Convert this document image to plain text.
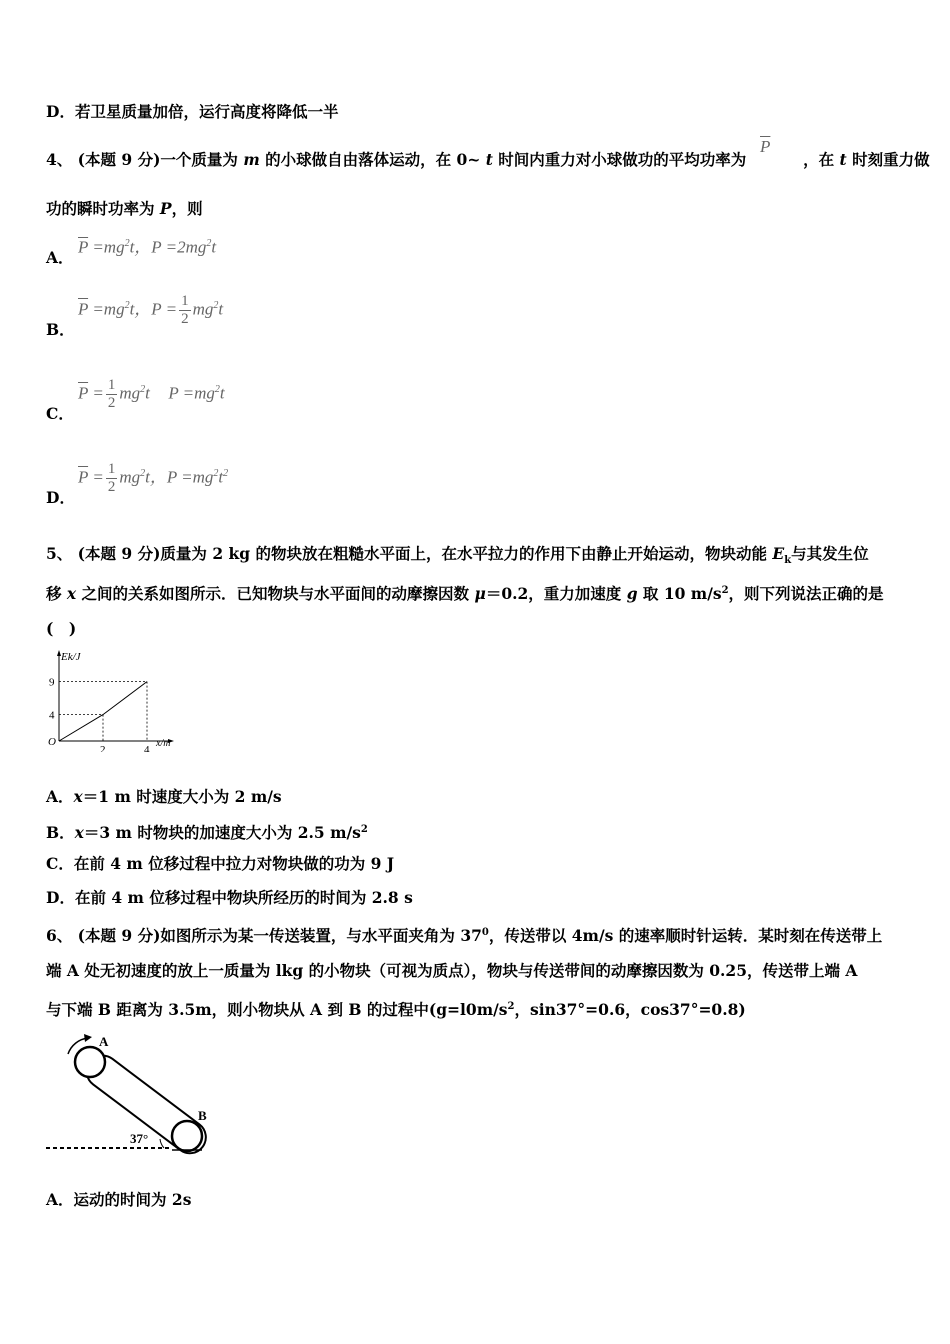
D．若卫星质量加倍，运行高度将降低一半
4、 (本题 9 分)一个质量为 m 的小球做自由落体运动，在 0~ t 时间内重力对小球做功的平均功率为	，在 t 时刻重力做
$\overline{P}$
功的瞬时功率为 P，则
A．
$\overline{P} =mg^2t$，$P =2mg^2t$
B．
$\overline{P} =mg^2t$，$P = \frac{1}{2} mg^2t$
C．
$\overline{P} = \frac{1}{2} mg^2t$ $P =mg^2t$
D．
$\overline{P} = \frac{1}{2} mg^2t$，$P =mg^2t^2$
5、 (本题 9 分)质量为 2 kg 的物块放在粗糙水平面上，在水平拉力的作用下由静止开始运动，物块动能 $E_k$与其发生位
移 x 之间的关系如图所示．已知物块与水平面间的动摩擦因数 μ＝0.2，重力加速度 g 取 10 $m/s^2$，则下列说法正确的是
(　)
Ek/J
x/m
O
2	4
4
9
A．x＝1 m 时速度大小为 2 m/s
B．x＝3 m 时物块的加速度大小为 2.5 $m/s^2$
C．在前 4 m 位移过程中拉力对物块做的功为 9 J
D．在前 4 m 位移过程中物块所经历的时间为 2.8 s
6、 (本题 9 分)如图所示为某一传送装置，与水平面夹角为 $37^0$，传送带以 4m/s 的速率顺时针运转．某时刻在传送带上
端 A 处无初速度的放上一质量为 lkg 的小物块（可视为质点），物块与传送带间的动摩擦因数为 0.25，传送带上端 A
与下端 B 距离为 3.5m，则小物块从 A 到 B 的过程中($g=l0m/s^2$，sin37°=0.6，cos37°=0.8)
A
B
37°
A．运动的时间为 2s
